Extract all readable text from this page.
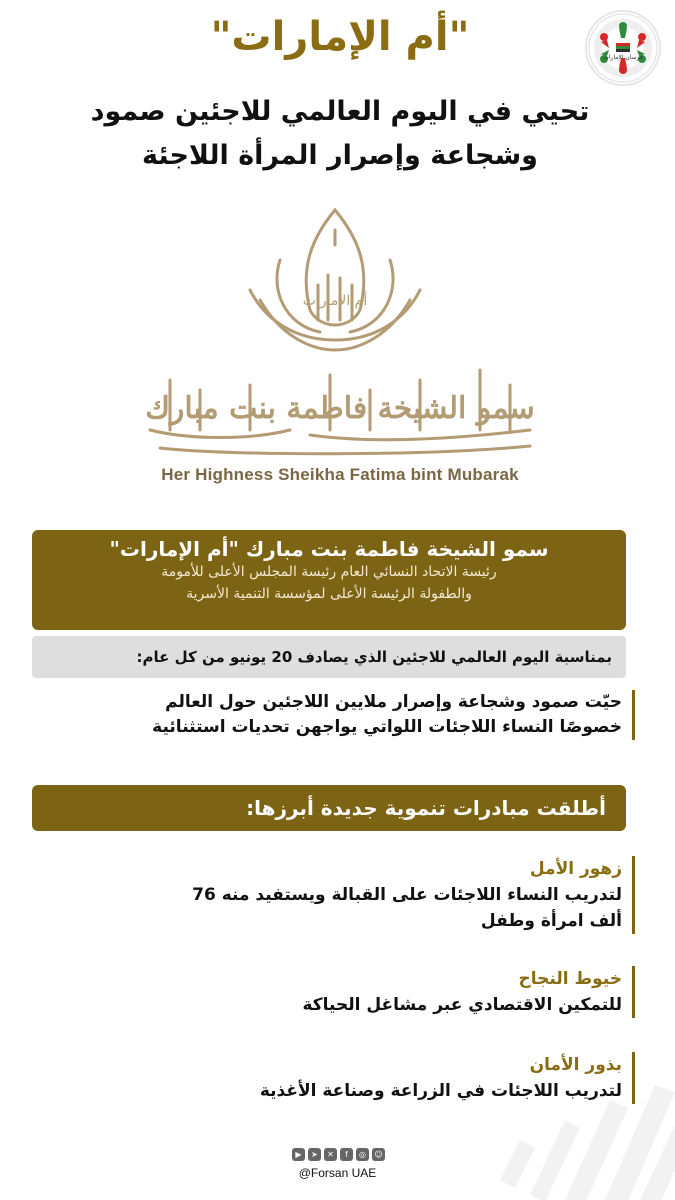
فرسان الإمارات
"أم الإمارات"
تحيي في اليوم العالمي للاجئين صمود
وشجاعة وإصرار المرأة اللاجئة
أم الإمارات
سمو الشيخة فاطمة بنت مبارك
Her Highness Sheikha Fatima bint Mubarak
سمو الشيخة فاطمة بنت مبارك "أم الإمارات"
رئيسة الاتحاد النسائي العام رئيسة المجلس الأعلى للأمومة
والطفولة الرئيسة الأعلى لمؤسسة التنمية الأسرية
بمناسبة اليوم العالمي للاجئين الذي يصادف 20 يونيو من كل عام:
حيّت صمود وشجاعة وإصرار ملايين اللاجئين حول العالم
خصوصًا النساء اللاجئات اللواتي يواجهن تحديات استثنائية
أطلقت مبادرات تنموية جديدة أبرزها:
زهور الأمل
لتدريب النساء اللاجئات على القبالة ويستفيد منه 76
ألف امرأة وطفل
خيوط النجاح
للتمكين الاقتصادي عبر مشاغل الحياكة
بذور الأمان
لتدريب اللاجئات في الزراعة وصناعة الأغذية
▶	➤	✕	f	◎	☺
@Forsan UAE
